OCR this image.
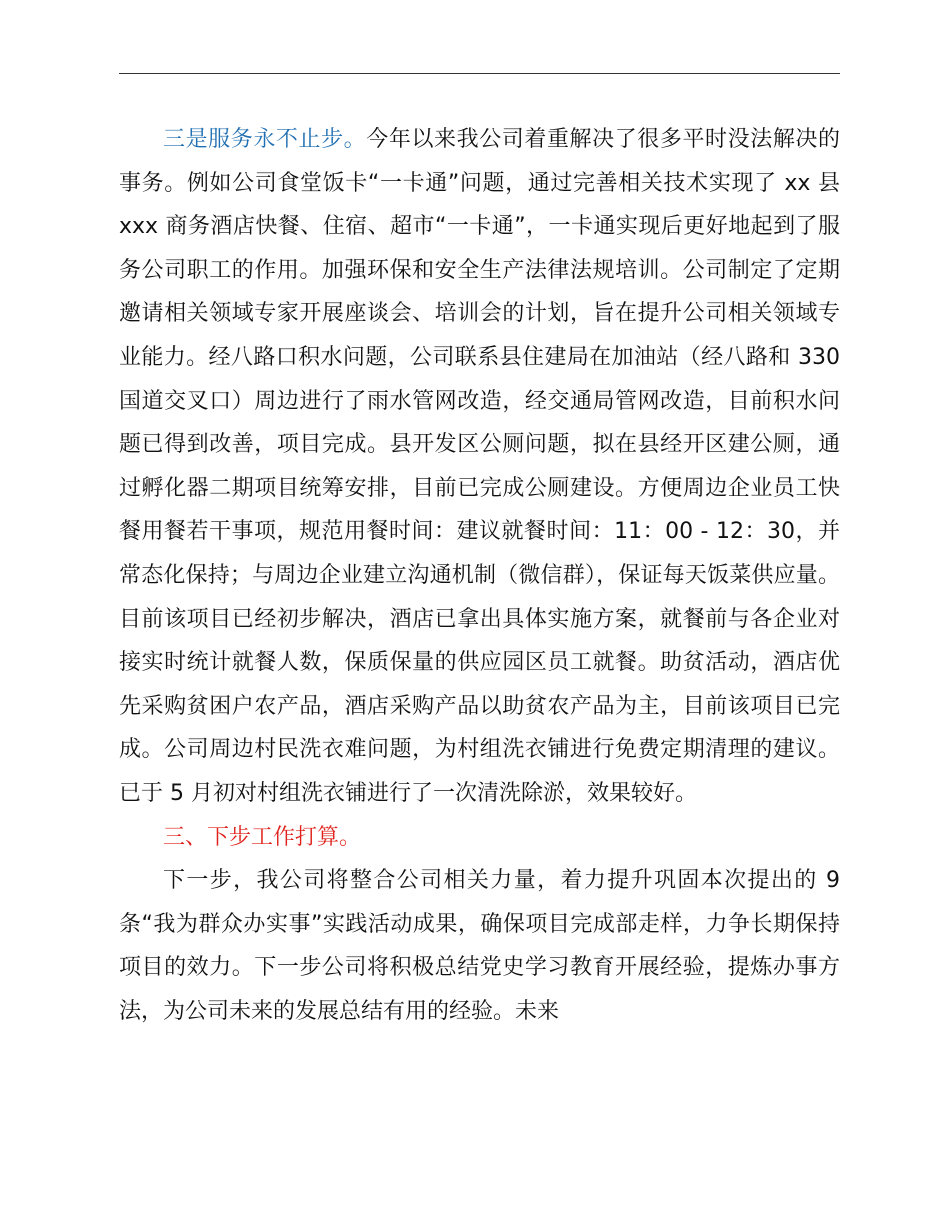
三是服务永不止步。今年以来我公司着重解决了很多平时没法解决的事务。例如公司食堂饭卡“一卡通”问题，通过完善相关技术实现了 xx 县 xxx 商务酒店快餐、住宿、超市“一卡通”，一卡通实现后更好地起到了服务公司职工的作用。加强环保和安全生产法律法规培训。公司制定了定期邀请相关领域专家开展座谈会、培训会的计划，旨在提升公司相关领域专业能力。经八路口积水问题，公司联系县住建局在加油站（经八路和 330 国道交叉口）周边进行了雨水管网改造，经交通局管网改造，目前积水问题已得到改善，项目完成。县开发区公厕问题，拟在县经开区建公厕，通过孵化器二期项目统筹安排，目前已完成公厕建设。方便周边企业员工快餐用餐若干事项，规范用餐时间：建议就餐时间：11：00 - 12：30，并常态化保持；与周边企业建立沟通机制（微信群），保证每天饭菜供应量。目前该项目已经初步解决，酒店已拿出具体实施方案，就餐前与各企业对接实时统计就餐人数，保质保量的供应园区员工就餐。助贫活动，酒店优先采购贫困户农产品，酒店采购产品以助贫农产品为主，目前该项目已完成。公司周边村民洗衣难问题，为村组洗衣铺进行免费定期清理的建议。已于 5 月初对村组洗衣铺进行了一次清洗除淤，效果较好。

三、下步工作打算。

下一步，我公司将整合公司相关力量，着力提升巩固本次提出的 9 条“我为群众办实事”实践活动成果，确保项目完成部走样，力争长期保持项目的效力。下一步公司将积极总结党史学习教育开展经验，提炼办事方法，为公司未来的发展总结有用的经验。未来
